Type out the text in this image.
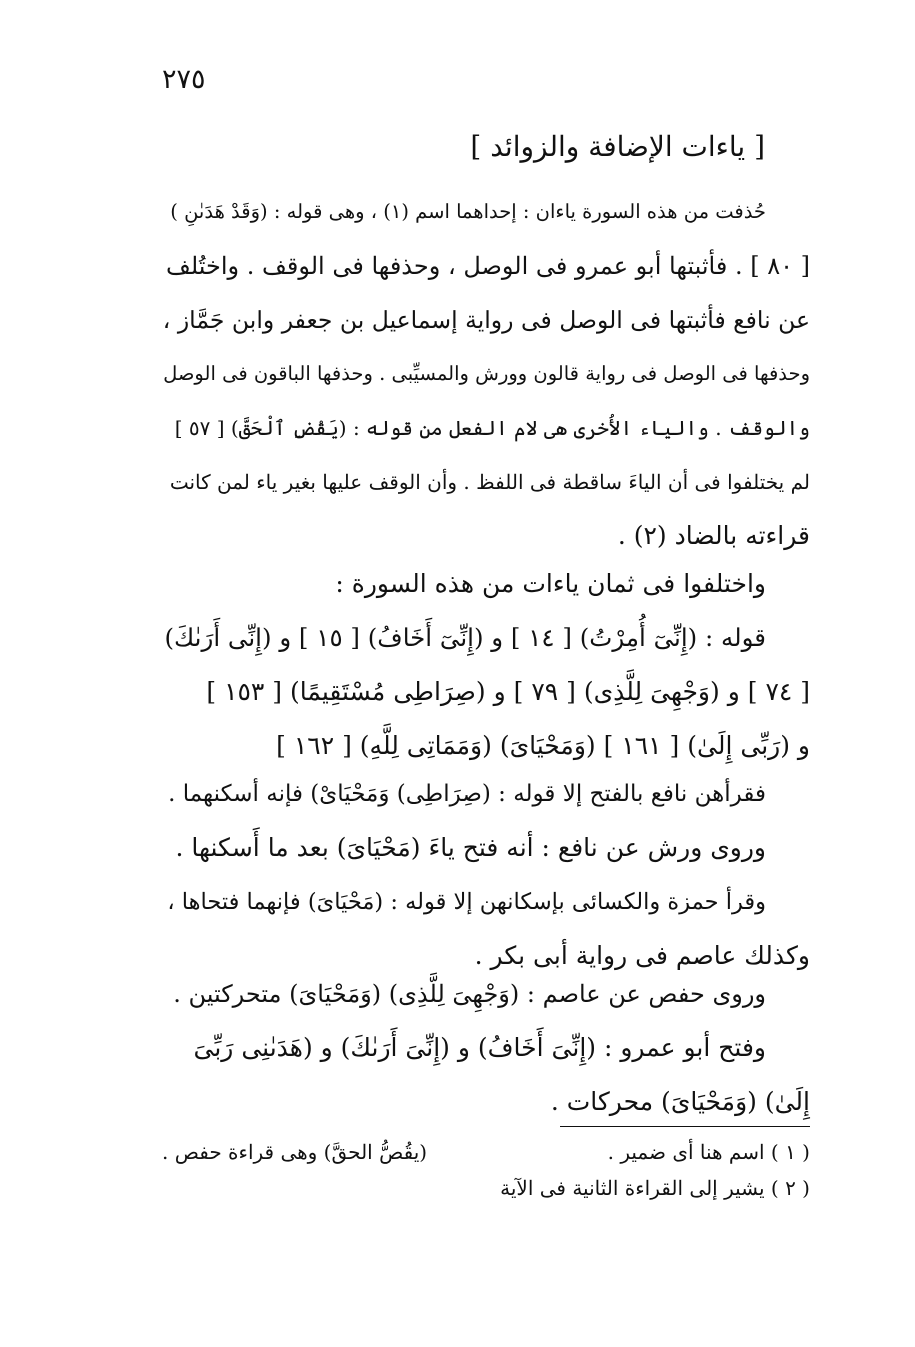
٢٧٥
[ ياءات الإضافة والزوائد ]
حُذفت من هذه السورة ياءان : إحداهما اسم (١) ، وهى قوله : (وَقَدْ هَدَىٰنِ )
[ ٨٠ ] . فأثبتها أبو عمرو فى الوصل ، وحذفها فى الوقف . واختُلف
عن نافع فأثبتها فى الوصل فى رواية إسماعيل بن جعفر وابن جَمَّاز ،
وحذفها فى الوصل فى رواية قالون وورش والمسيِّبى . وحذفها الباقون فى الوصل
والوقف . والياء الأُخرى هى لام الفعل من قوله : (يَقْضِ ٱلْحَقَّ) [ ٥٧ ]
لم يختلفوا فى أن الياءَ ساقطة فى اللفظ . وأن الوقف عليها بغير ياء لمن كانت
قراءته بالضاد (٢) .
واختلفوا فى ثمان ياءات من هذه السورة :
قوله : (إِنِّىٓ أُمِرْتُ) [ ١٤ ] و (إِنِّىٓ أَخَافُ) [ ١٥ ] و (إِنِّى أَرَىٰكَ)
[ ٧٤ ] و (وَجْهِىَ لِلَّذِى) [ ٧٩ ] و (صِرَاطِى مُسْتَقِيمًا) [ ١٥٣ ]
و (رَبِّى إِلَىٰ) [ ١٦١ ] (وَمَحْيَاىَ) (وَمَمَاتِى لِلَّهِ) [ ١٦٢ ]
فقرأهن نافع بالفتح إلا قوله : (صِرَاطِى) وَمَحْيَاىْ) فإنه أسكنهما .
وروى ورش عن نافع : أنه فتح ياءَ (مَحْيَاىَ) بعد ما أَسكنها .
وقرأ حمزة والكسائى بإسكانهن إلا قوله : (مَحْيَاىَ) فإنهما فتحاها ،
وكذلك عاصم فى رواية أبى بكر .
وروى حفص عن عاصم : (وَجْهِىَ لِلَّذِى) (وَمَحْيَاىَ) متحركتين .
وفتح أبو عمرو : (إِنِّىَ أَخَافُ) و (إِنِّىَ أَرَىٰكَ) و (هَدَىٰنِى رَبِّىَ
إِلَىٰ) (وَمَحْيَاىَ) محركات .
( ١ ) اسم هنا أى ضمير .
(يقُصُّ الحقَّ) وهى قراءة حفص .
( ٢ ) يشير إلى القراءة الثانية فى الآية
